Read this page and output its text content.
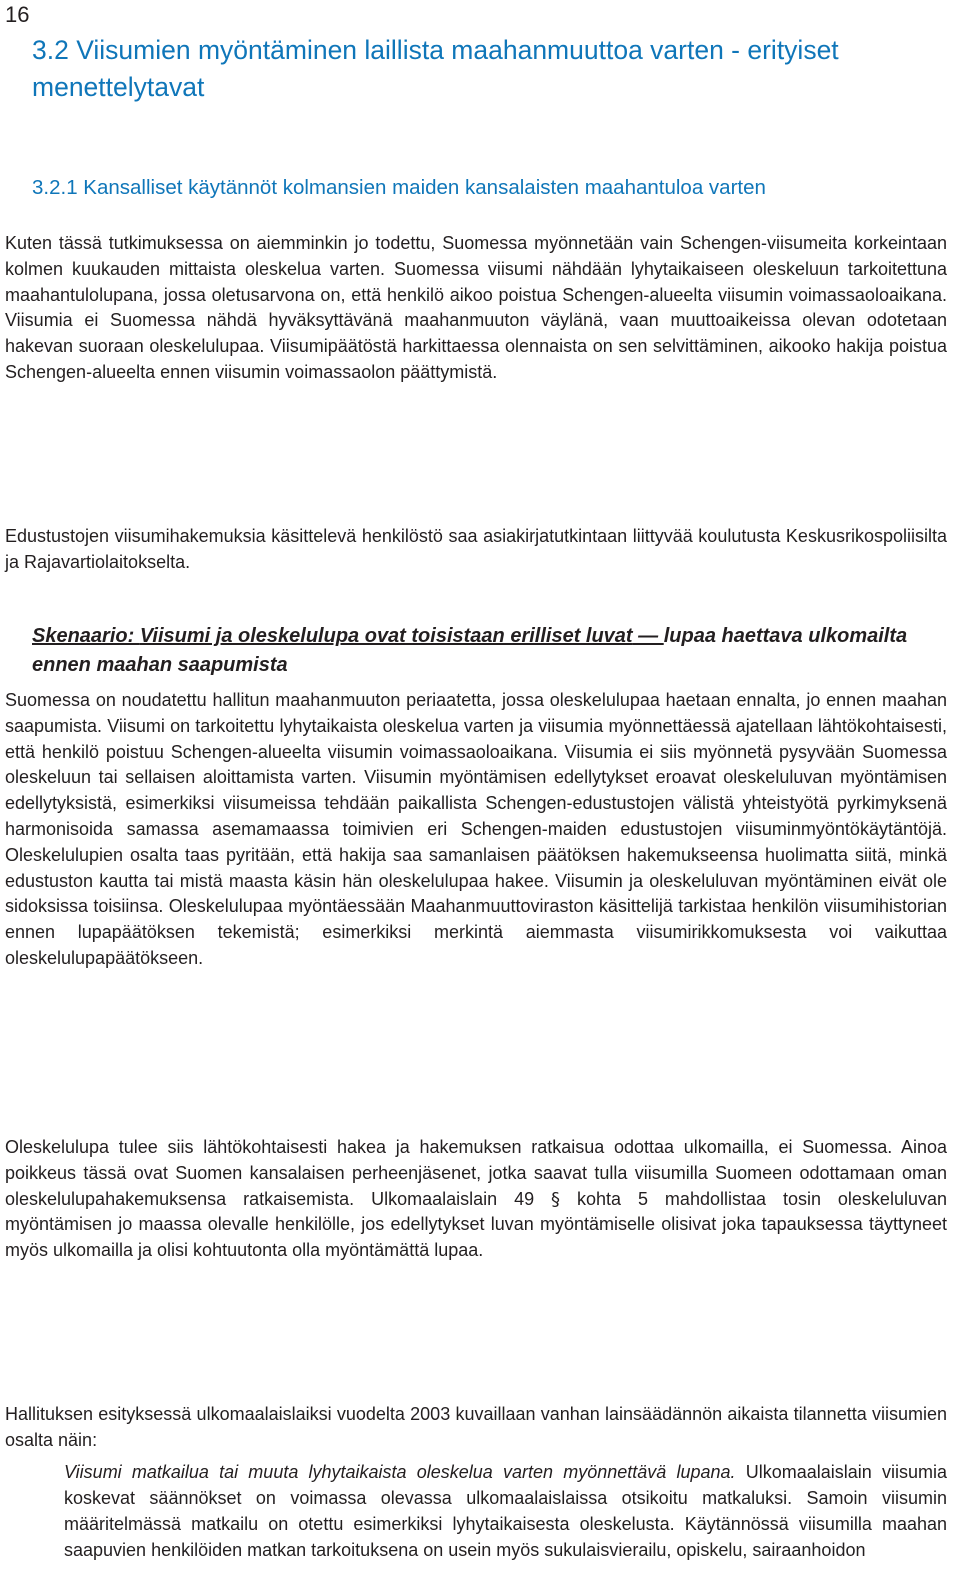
16
3.2 Viisumien myöntäminen laillista maahanmuuttoa varten - erityiset menettelytavat
3.2.1 Kansalliset käytännöt kolmansien maiden kansalaisten maahantuloa varten

Kuten tässä tutkimuksessa on aiemminkin jo todettu, Suomessa myönnetään vain Schengen-viisumeita korkeintaan kolmen kuukauden mittaista oleskelua varten. Suomessa viisumi nähdään lyhytaikaiseen oleskeluun tarkoitettuna maahantulolupana, jossa oletusarvona on, että henkilö aikoo poistua Schengen-alueelta viisumin voimassaoloaikana. Viisumia ei Suomessa nähdä hyväksyttävänä maahanmuuton väylänä, vaan muuttoaikeissa olevan odotetaan hakevan suoraan oleskelulupaa. Viisumipäätöstä harkittaessa olennaista on sen selvittäminen, aikooko hakija poistua Schengen-alueelta ennen viisumin voimassaolon päättymistä.

Edustustojen viisumihakemuksia käsittelevä henkilöstö saa asiakirjatutkintaan liittyvää koulutusta Keskusrikospoliisilta ja Rajavartiolaitokselta.

Skenaario: Viisumi ja oleskelulupa ovat toisistaan erilliset luvat — lupaa haettava ulkomailta ennen maahan saapumista

Suomessa on noudatettu hallitun maahanmuuton periaatetta, jossa oleskelulupaa haetaan ennalta, jo ennen maahan saapumista. Viisumi on tarkoitettu lyhytaikaista oleskelua varten ja viisumia myönnettäessä ajatellaan lähtökohtaisesti, että henkilö poistuu Schengen-alueelta viisumin voimassaoloaikana. Viisumia ei siis myönnetä pysyvään Suomessa oleskeluun tai sellaisen aloittamista varten. Viisumin myöntämisen edellytykset eroavat oleskeluluvan myöntämisen edellytyksistä, esimerkiksi viisumeissa tehdään paikallista Schengen-edustustojen välistä yhteistyötä pyrkimyksenä harmonisoida samassa asemamaassa toimivien eri Schengen-maiden edustustojen viisuminmyöntökäytäntöjä. Oleskelulupien osalta taas pyritään, että hakija saa samanlaisen päätöksen hakemukseensa huolimatta siitä, minkä edustuston kautta tai mistä maasta käsin hän oleskelulupaa hakee. Viisumin ja oleskeluluvan myöntäminen eivät ole sidoksissa toisiinsa. Oleskelulupaa myöntäessään Maahanmuuttoviraston käsittelijä tarkistaa henkilön viisumihistorian ennen lupapäätöksen tekemistä; esimerkiksi merkintä aiemmasta viisumirikkomuksesta voi vaikuttaa oleskelulupapäätökseen.

Oleskelulupa tulee siis lähtökohtaisesti hakea ja hakemuksen ratkaisua odottaa ulkomailla, ei Suomessa. Ainoa poikkeus tässä ovat Suomen kansalaisen perheenjäsenet, jotka saavat tulla viisumilla Suomeen odottamaan oman oleskelulupahakemuksensa ratkaisemista. Ulkomaalaislain 49 § kohta 5 mahdollistaa tosin oleskeluluvan myöntämisen jo maassa olevalle henkilölle, jos edellytykset luvan myöntämiselle olisivat joka tapauksessa täyttyneet myös ulkomailla ja olisi kohtuutonta olla myöntämättä lupaa.

Hallituksen esityksessä ulkomaalaislaiksi vuodelta 2003 kuvaillaan vanhan lainsäädännön aikaista tilannetta viisumien osalta näin:

Viisumi matkailua tai muuta lyhytaikaista oleskelua varten myönnettävä lupana. Ulkomaalaislain viisumia koskevat säännökset on voimassa olevassa ulkomaalaislaissa otsikoitu matkaluksi. Samoin viisumin määritelmässä matkailu on otettu esimerkiksi lyhytaikaisesta oleskelusta. Käytännössä viisumilla maahan saapuvien henkilöiden matkan tarkoituksena on usein myös sukulaisvierailu, opiskelu, sairaanhoidon
